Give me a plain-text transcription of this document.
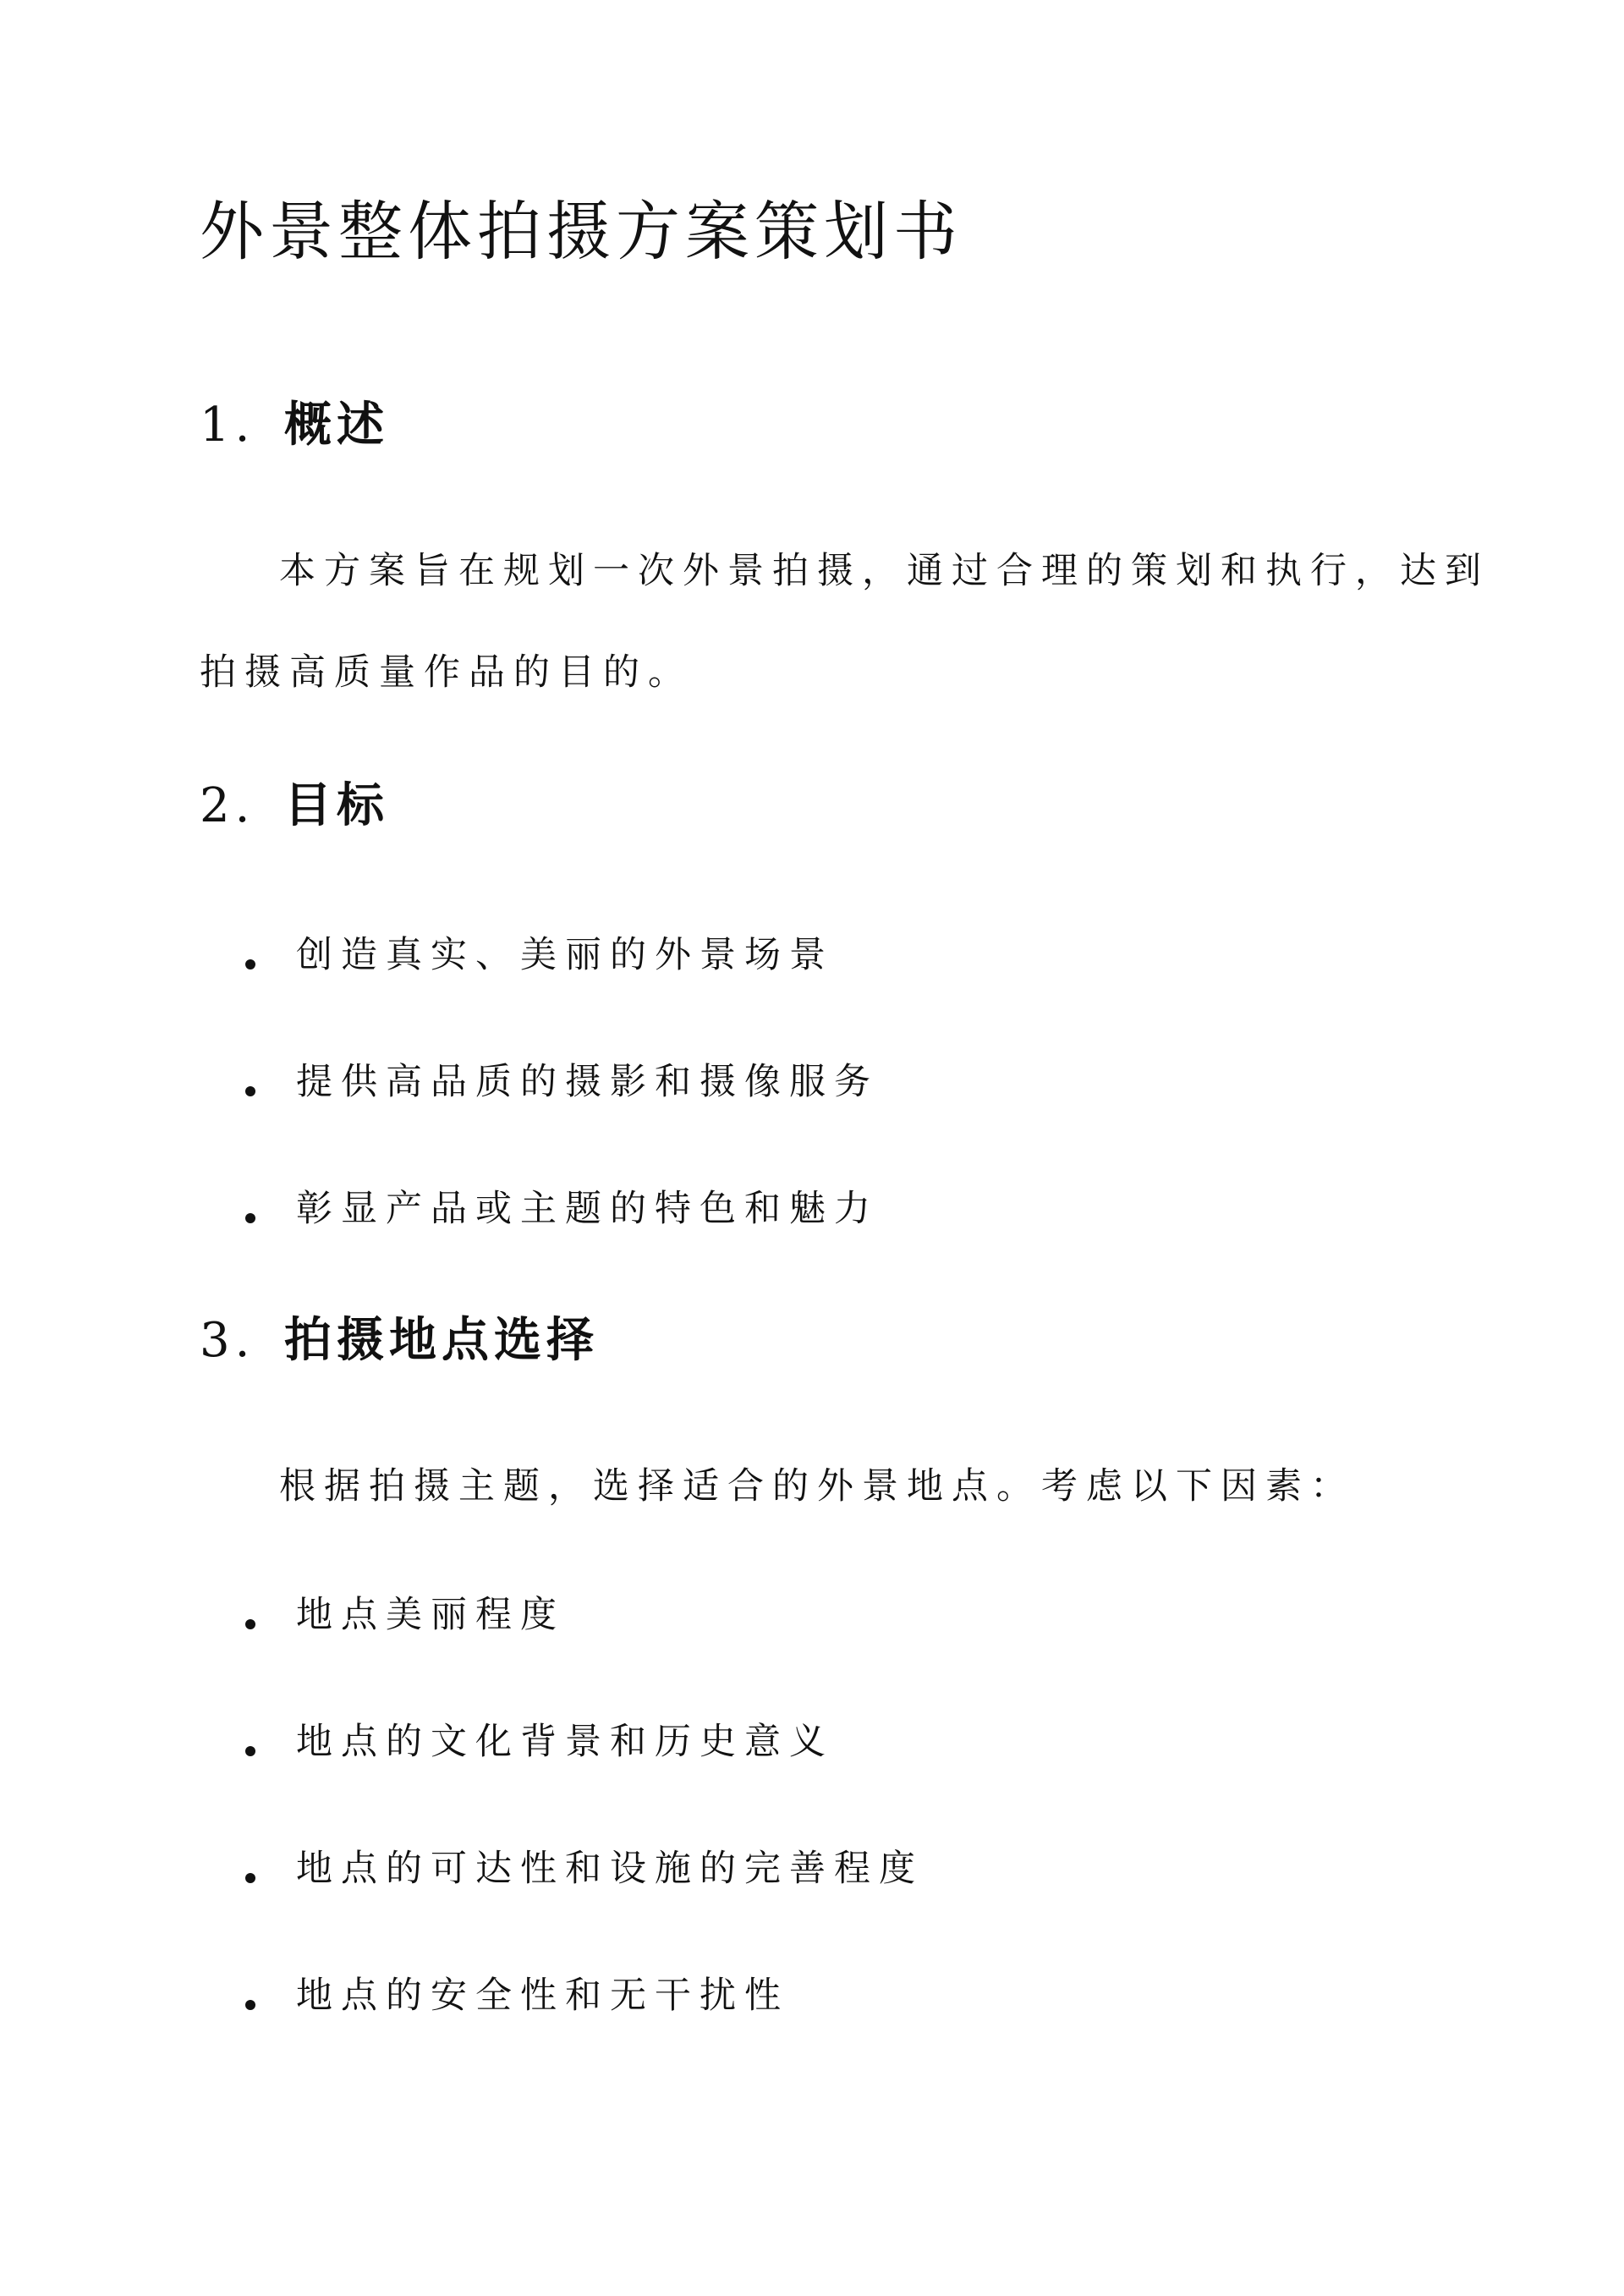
外景整体拍摄方案策划书
1. 概述

本方案旨在规划一次外景拍摄，通过合理的策划和执行，达到

拍摄高质量作品的目的。

2. 目标

创造真实、美丽的外景场景

提供高品质的摄影和摄像服务

彰显产品或主题的特色和魅力

3. 拍摄地点选择

根据拍摄主题，选择适合的外景地点。考虑以下因素：

地点美丽程度

地点的文化背景和历史意义

地点的可达性和设施的完善程度

地点的安全性和无干扰性
